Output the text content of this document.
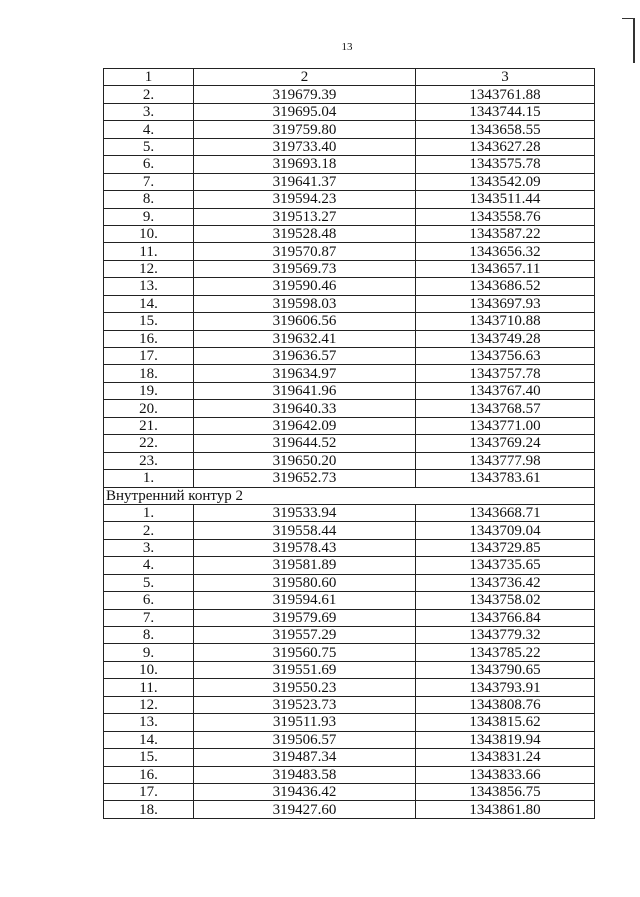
13
1	2	3
2.	319679.39	1343761.88
3.	319695.04	1343744.15
4.	319759.80	1343658.55
5.	319733.40	1343627.28
6.	319693.18	1343575.78
7.	319641.37	1343542.09
8.	319594.23	1343511.44
9.	319513.27	1343558.76
10.	319528.48	1343587.22
11.	319570.87	1343656.32
12.	319569.73	1343657.11
13.	319590.46	1343686.52
14.	319598.03	1343697.93
15.	319606.56	1343710.88
16.	319632.41	1343749.28
17.	319636.57	1343756.63
18.	319634.97	1343757.78
19.	319641.96	1343767.40
20.	319640.33	1343768.57
21.	319642.09	1343771.00
22.	319644.52	1343769.24
23.	319650.20	1343777.98
1.	319652.73	1343783.61
Внутренний контур 2		
1.	319533.94	1343668.71
2.	319558.44	1343709.04
3.	319578.43	1343729.85
4.	319581.89	1343735.65
5.	319580.60	1343736.42
6.	319594.61	1343758.02
7.	319579.69	1343766.84
8.	319557.29	1343779.32
9.	319560.75	1343785.22
10.	319551.69	1343790.65
11.	319550.23	1343793.91
12.	319523.73	1343808.76
13.	319511.93	1343815.62
14.	319506.57	1343819.94
15.	319487.34	1343831.24
16.	319483.58	1343833.66
17.	319436.42	1343856.75
18.	319427.60	1343861.80
